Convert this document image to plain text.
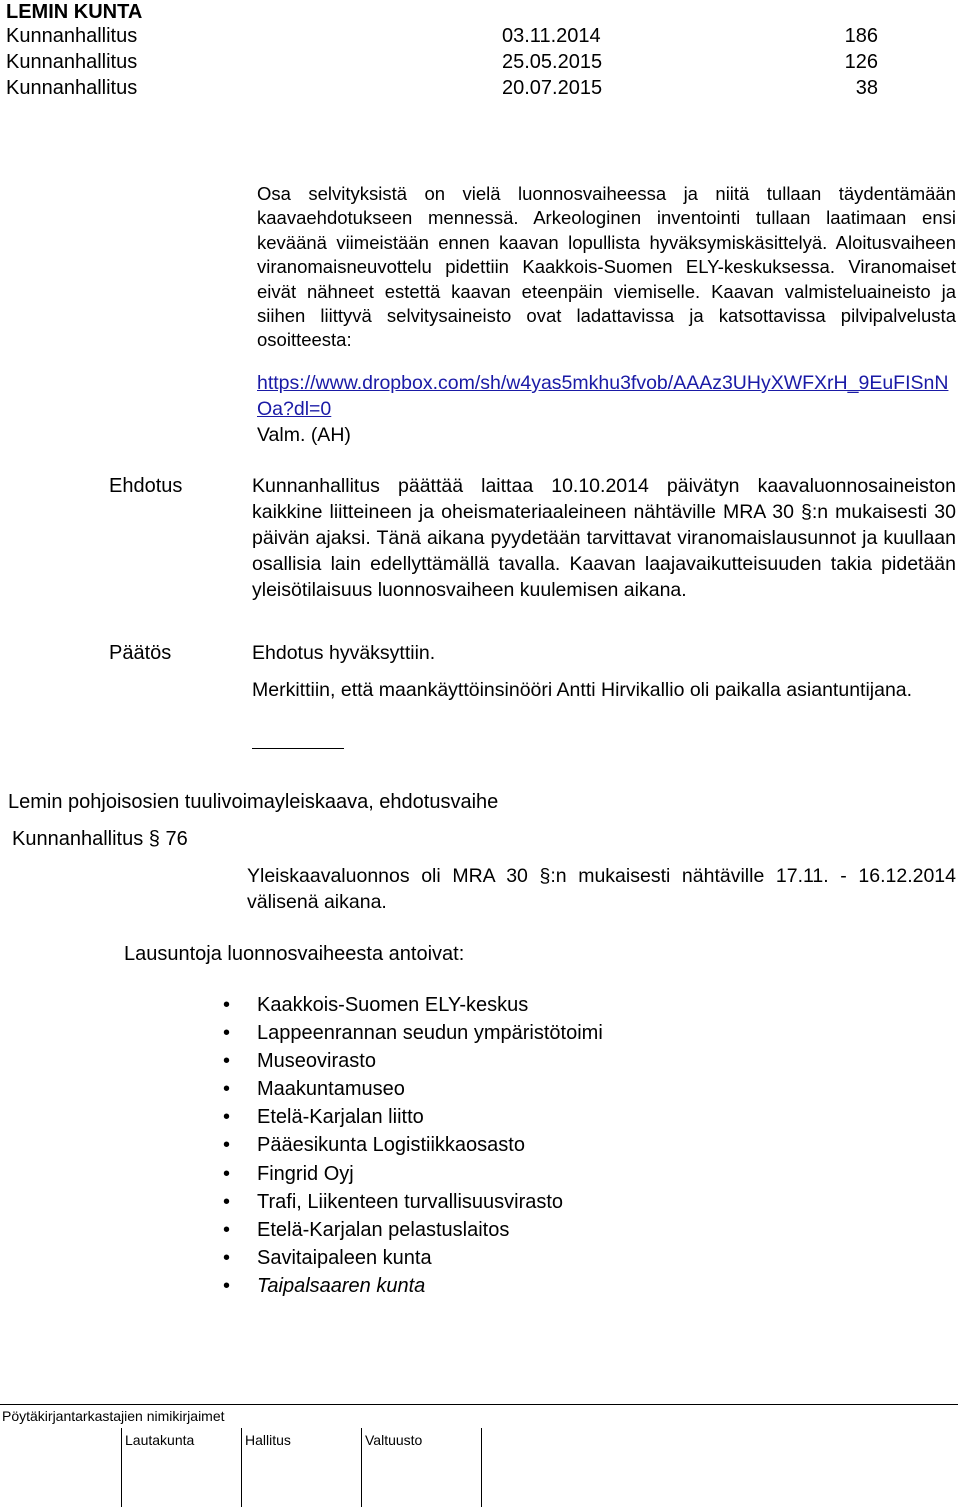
LEMIN KUNTA
Kunnanhallitus	03.11.2014	186
Kunnanhallitus	25.05.2015	126
Kunnanhallitus	20.07.2015	38
Osa selvityksistä on vielä luonnosvaiheessa ja niitä tullaan täydentämään kaavaehdotukseen mennessä. Arkeologinen inventointi tullaan laatimaan ensi keväänä viimeistään ennen kaavan lopullista hyväksymiskäsittelyä. Aloitusvaiheen viranomaisneuvottelu pidettiin Kaakkois-Suomen ELY-keskuksessa. Viranomaiset eivät nähneet estettä kaavan eteenpäin viemiselle. Kaavan valmisteluaineisto ja siihen liittyvä selvitysaineisto ovat ladattavissa ja katsottavissa pilvipalvelusta osoitteesta:
https://www.dropbox.com/sh/w4yas5mkhu3fvob/AAAz3UHyXWFXrH_9EuFISnNOa?dl=0
Valm. (AH)
Ehdotus	Kunnanhallitus päättää laittaa 10.10.2014 päivätyn kaavaluonnosaineiston kaikkine liitteineen ja oheismateriaaleineen nähtäville MRA 30 §:n mukaisesti 30 päivän ajaksi. Tänä aikana pyydetään tarvittavat viranomaislausunnot ja kuullaan osallisia lain edellyttämällä tavalla. Kaavan laajavaikutteisuuden takia pidetään yleisötilaisuus luonnosvaiheen kuulemisen aikana.
Päätös	Ehdotus hyväksyttiin.
Merkittiin, että maankäyttöinsinööri Antti Hirvikallio oli paikalla asiantuntijana.
Lemin pohjoisosien tuulivoimayleiskaava, ehdotusvaihe
Kunnanhallitus § 76
Yleiskaavaluonnos oli MRA 30 §:n mukaisesti nähtäville 17.11. - 16.12.2014 välisenä aikana.
Lausuntoja luonnosvaiheesta antoivat:
• Kaakkois-Suomen ELY-keskus
• Lappeenrannan seudun ympäristötoimi
• Museovirasto
• Maakuntamuseo
• Etelä-Karjalan liitto
• Pääesikunta Logistiikkaosasto
• Fingrid Oyj
• Trafi, Liikenteen turvallisuusvirasto
• Etelä-Karjalan pelastuslaitos
• Savitaipaleen kunta
• Taipalsaaren kunta
Pöytäkirjantarkastajien nimikirjaimet
Lautakunta	Hallitus	Valtuusto
